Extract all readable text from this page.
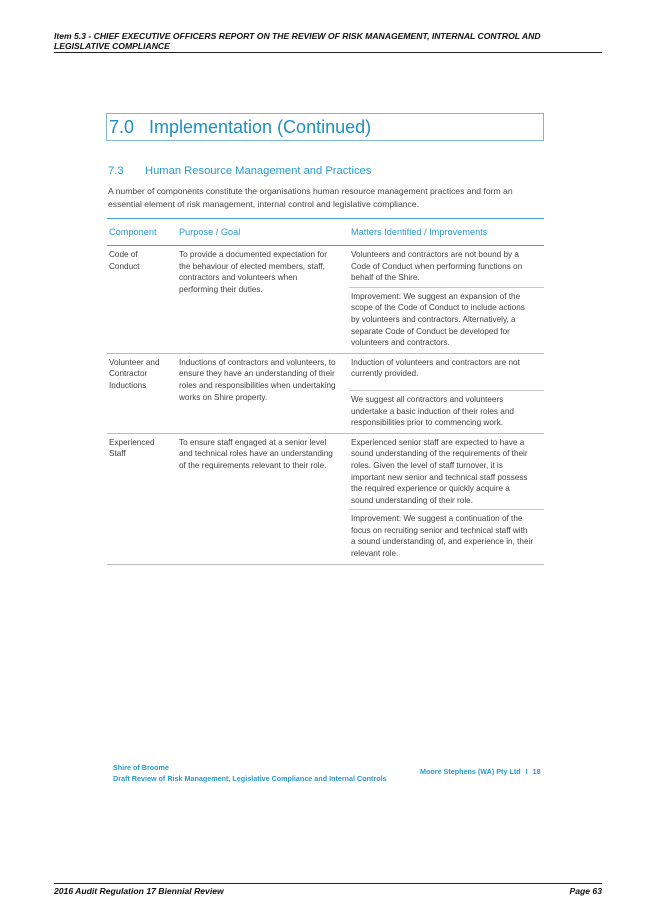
Item 5.3 - CHIEF EXECUTIVE OFFICERS REPORT ON THE REVIEW OF RISK MANAGEMENT, INTERNAL CONTROL AND
LEGISLATIVE COMPLIANCE
7.0 Implementation (Continued)
7.3 Human Resource Management and Practices
A number of components constitute the organisations human resource management practices and form an essential element of risk management, internal control and legislative compliance.
Component	Purpose / Goal	Matters Identified / Improvements
Code of Conduct	To provide a documented expectation for the behaviour of elected members, staff, contractors and volunteers when performing their duties.	Volunteers and contractors are not bound by a Code of Conduct when performing functions on behalf of the Shire.
		Improvement: We suggest an expansion of the scope of the Code of Conduct to include actions by volunteers and contractors. Alternatively, a separate Code of Conduct be developed for volunteers and contractors.
Volunteer and Contractor Inductions	Inductions of contractors and volunteers, to ensure they have an understanding of their roles and responsibilities when undertaking works on Shire property.	Induction of volunteers and contractors are not currently provided.
		We suggest all contractors and volunteers undertake a basic induction of their roles and responsibilities prior to commencing work.
Experienced Staff	To ensure staff engaged at a senior level and technical roles have an understanding of the requirements relevant to their role.	Experienced senior staff are expected to have a sound understanding of the requirements of their roles. Given the level of staff turnover, it is important new senior and technical staff possess the required experience or quickly acquire a sound understanding of their role.
		Improvement: We suggest a continuation of the focus on recruiting senior and technical staff with a sound understanding of, and experience in, their relevant role.
Shire of Broome
Draft Review of Risk Management, Legislative Compliance and Internal Controls
Moore Stephens (WA) Pty Ltd I 18
2016 Audit Regulation 17 Biennial Review	Page 63
